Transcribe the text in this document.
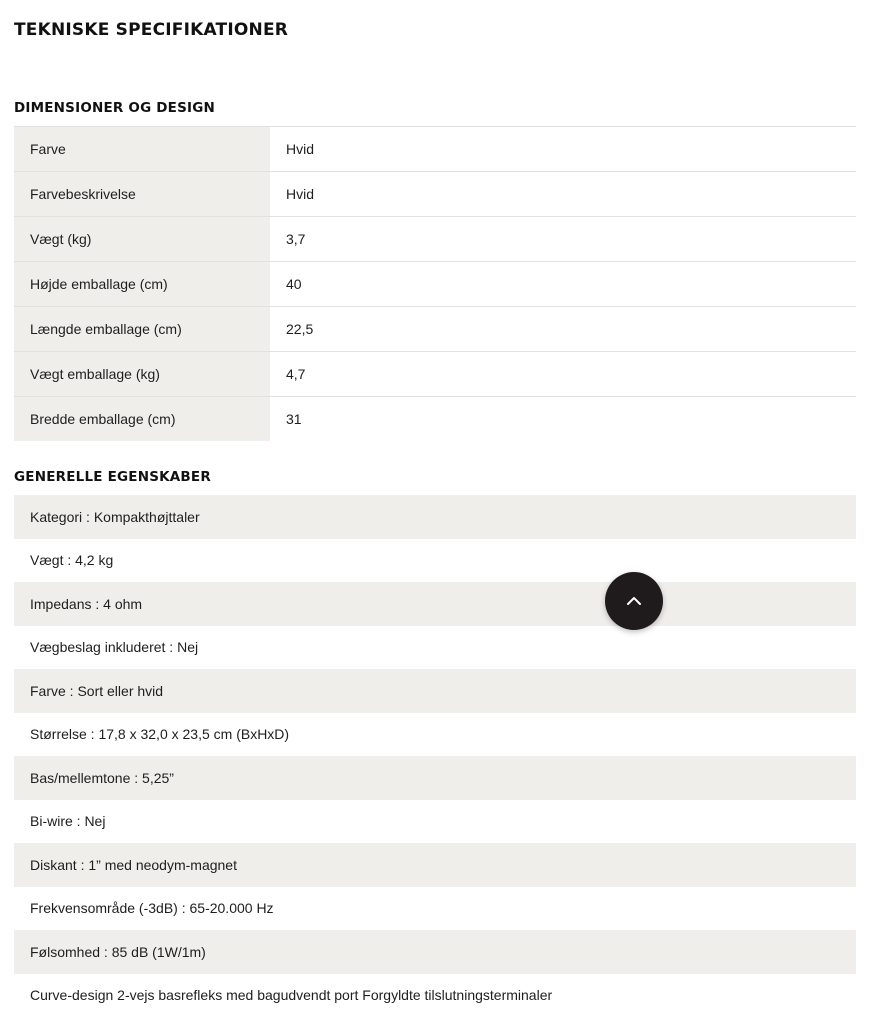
TEKNISKE SPECIFIKATIONER
DIMENSIONER OG DESIGN
Farve	Hvid
Farvebeskrivelse	Hvid
Vægt (kg)	3,7
Højde emballage (cm)	40
Længde emballage (cm)	22,5
Vægt emballage (kg)	4,7
Bredde emballage (cm)	31
GENERELLE EGENSKABER
Kategori : Kompakthøjttaler
Vægt : 4,2 kg
Impedans : 4 ohm
Vægbeslag inkluderet : Nej
Farve : Sort eller hvid
Størrelse : 17,8 x 32,0 x 23,5 cm (BxHxD)
Bas/mellemtone : 5,25”
Bi-wire : Nej
Diskant : 1” med neodym-magnet
Frekvensområde (-3dB) : 65-20.000 Hz
Følsomhed : 85 dB (1W/1m)
Curve-design 2-vejs basrefleks med bagudvendt port Forgyldte tilslutningsterminaler
